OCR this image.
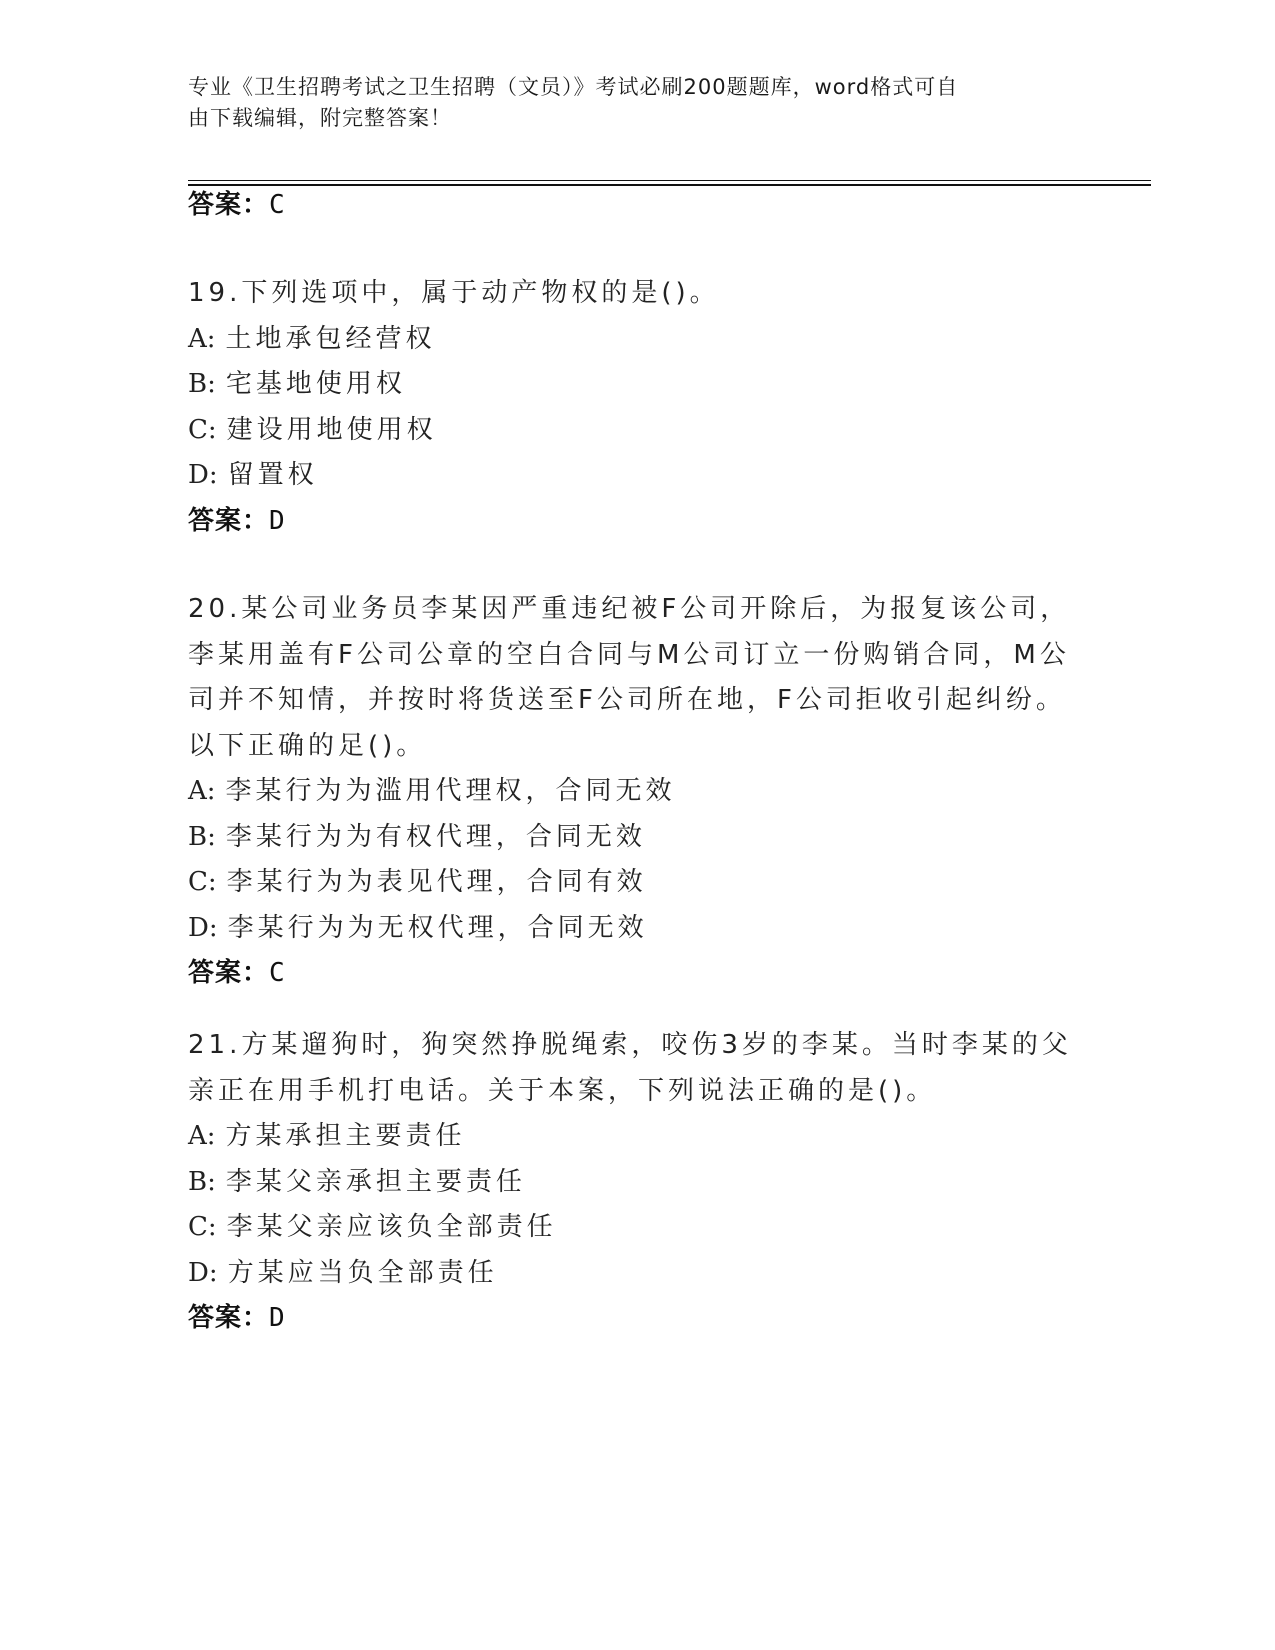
专业《卫生招聘考试之卫生招聘（文员）》考试必刷200题题库，word格式可自
由下载编辑，附完整答案！
答案：C

19.下列选项中，属于动产物权的是()。

A: 土地承包经营权
B: 宅基地使用权
C: 建设用地使用权
D: 留置权
答案：D

20.某公司业务员李某因严重违纪被F公司开除后，为报复该公司，李某用盖有F公司公章的空白合同与M公司订立一份购销合同，M公司并不知情，并按时将货送至F公司所在地，F公司拒收引起纠纷。以下正确的足()。

A: 李某行为为滥用代理权，合同无效
B: 李某行为为有权代理，合同无效
C: 李某行为为表见代理，合同有效
D: 李某行为为无权代理，合同无效
答案：C

21.方某遛狗时，狗突然挣脱绳索，咬伤3岁的李某。当时李某的父亲正在用手机打电话。关于本案，下列说法正确的是()。

A: 方某承担主要责任
B: 李某父亲承担主要责任
C: 李某父亲应该负全部责任
D: 方某应当负全部责任
答案：D
